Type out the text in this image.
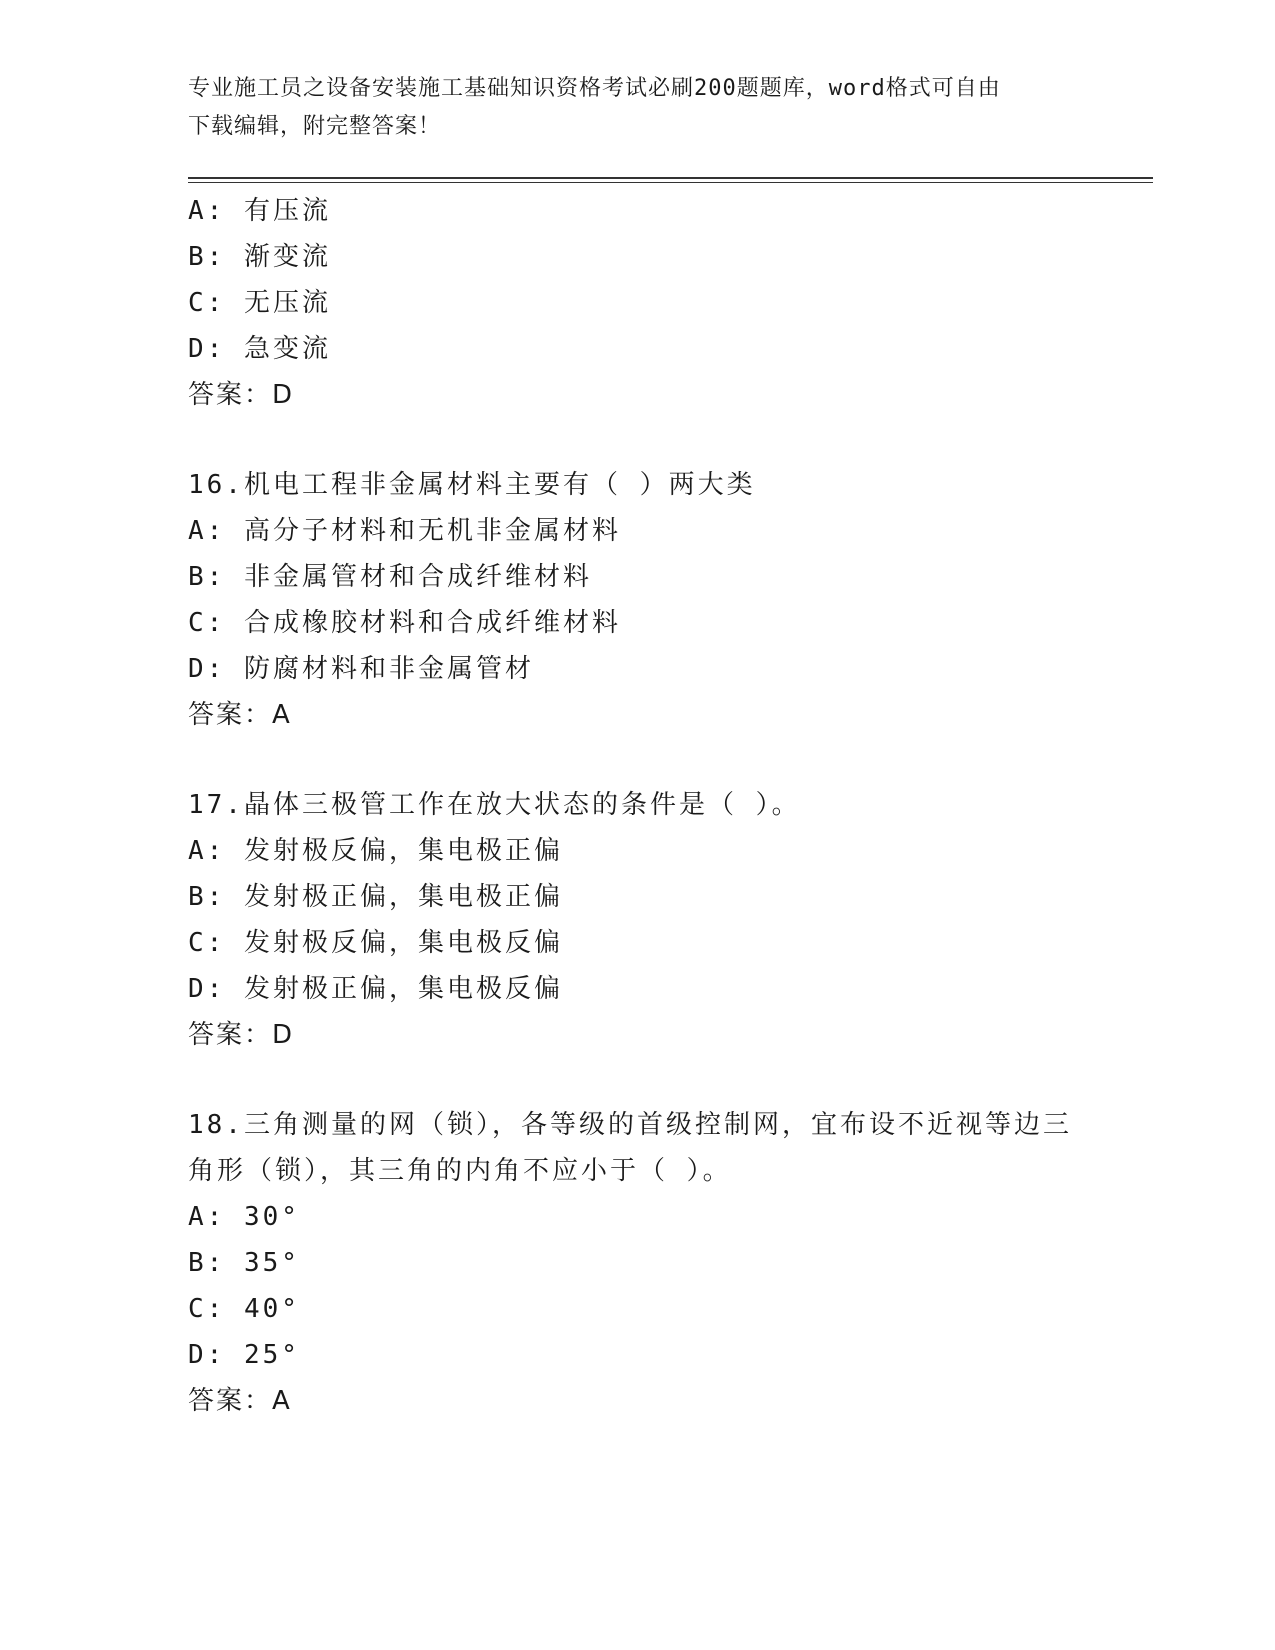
专业施工员之设备安装施工基础知识资格考试必刷200题题库，word格式可自由
下载编辑，附完整答案！
A: 有压流
B: 渐变流
C: 无压流
D: 急变流
答案：D
16.机电工程非金属材料主要有（ ）两大类
A: 高分子材料和无机非金属材料
B: 非金属管材和合成纤维材料
C: 合成橡胶材料和合成纤维材料
D: 防腐材料和非金属管材
答案：A
17.晶体三极管工作在放大状态的条件是（ ）。
A: 发射极反偏，集电极正偏
B: 发射极正偏，集电极正偏
C: 发射极反偏，集电极反偏
D: 发射极正偏，集电极反偏
答案：D
18.三角测量的网（锁），各等级的首级控制网，宜布设不近视等边三
角形（锁），其三角的内角不应小于（ ）。
A: 30°
B: 35°
C: 40°
D: 25°
答案：A
